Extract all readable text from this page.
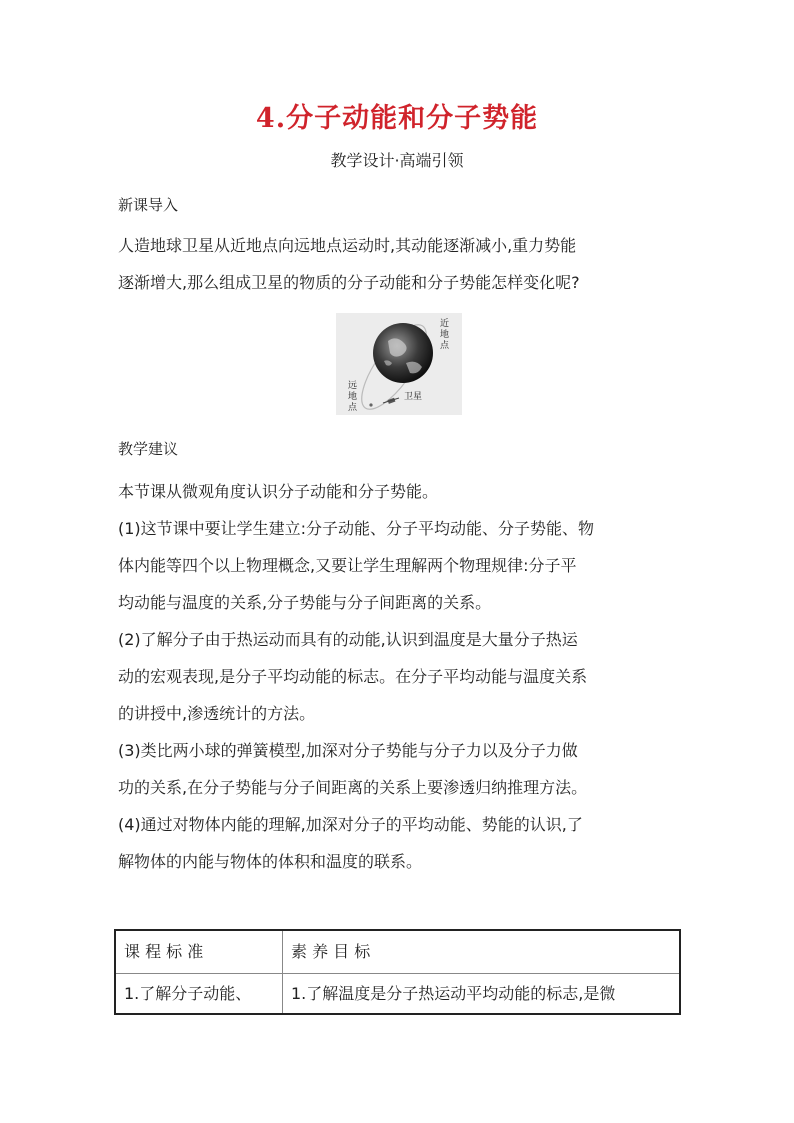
4.分子动能和分子势能
教学设计·高端引领
新课导入
人造地球卫星从近地点向远地点运动时,其动能逐渐减小,重力势能
逐渐增大,那么组成卫星的物质的分子动能和分子势能怎样变化呢?
近
地
点
远
地
点
卫星
教学建议
本节课从微观角度认识分子动能和分子势能。
(1)这节课中要让学生建立:分子动能、分子平均动能、分子势能、物
体内能等四个以上物理概念,又要让学生理解两个物理规律:分子平
均动能与温度的关系,分子势能与分子间距离的关系。
(2)了解分子由于热运动而具有的动能,认识到温度是大量分子热运
动的宏观表现,是分子平均动能的标志。在分子平均动能与温度关系
的讲授中,渗透统计的方法。
(3)类比两小球的弹簧模型,加深对分子势能与分子力以及分子力做
功的关系,在分子势能与分子间距离的关系上要渗透归纳推理方法。
(4)通过对物体内能的理解,加深对分子的平均动能、势能的认识,了
解物体的内能与物体的体积和温度的联系。
课 程 标 准	素 养 目 标
1.了解分子动能、 1.了解温度是分子热运动平均动能的标志,是微
